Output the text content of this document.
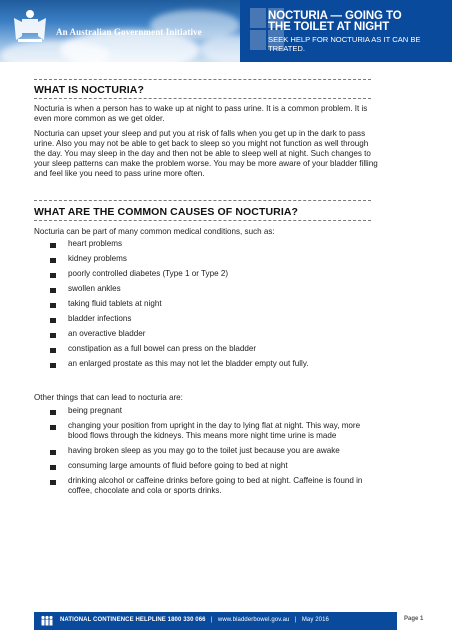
An Australian Government Initiative
NOCTURIA — GOING TO
THE TOILET AT NIGHT
SEEK HELP FOR NOCTURIA AS IT CAN BE TREATED.
WHAT IS NOCTURIA?

Nocturia is when a person has to wake up at night to pass urine. It is a common problem. It is even more common as we get older.

Nocturia can upset your sleep and put you at risk of falls when you get up in the dark to pass urine. Also you may not be able to get back to sleep so you might not function as well through the day. You may sleep in the day and then not be able to sleep well at night. Such changes to your sleep patterns can make the problem worse. You may be more aware of your bladder filling and feel like you need to pass urine more often.

WHAT ARE THE COMMON CAUSES OF NOCTURIA?

Nocturia can be part of many common medical conditions, such as:

heart problems
kidney problems
poorly controlled diabetes (Type 1 or Type 2)
swollen ankles
taking fluid tablets at night
bladder infections
an overactive bladder
constipation as a full bowel can press on the bladder
an enlarged prostate as this may not let the bladder empty out fully.

Other things that can lead to nocturia are:

being pregnant
changing your position from upright in the day to lying flat at night. This way, more blood flows through the kidneys. This means more night time urine is made
having broken sleep as you may go to the toilet just because you are awake
consuming large amounts of fluid before going to bed at night
drinking alcohol or caffeine drinks before going to bed at night. Caffeine is found in coffee, chocolate and cola or sports drinks.
NATIONAL CONTINENCE HELPLINE 1800 330 066 | www.bladderbowel.gov.au | May 2016	Page 1
